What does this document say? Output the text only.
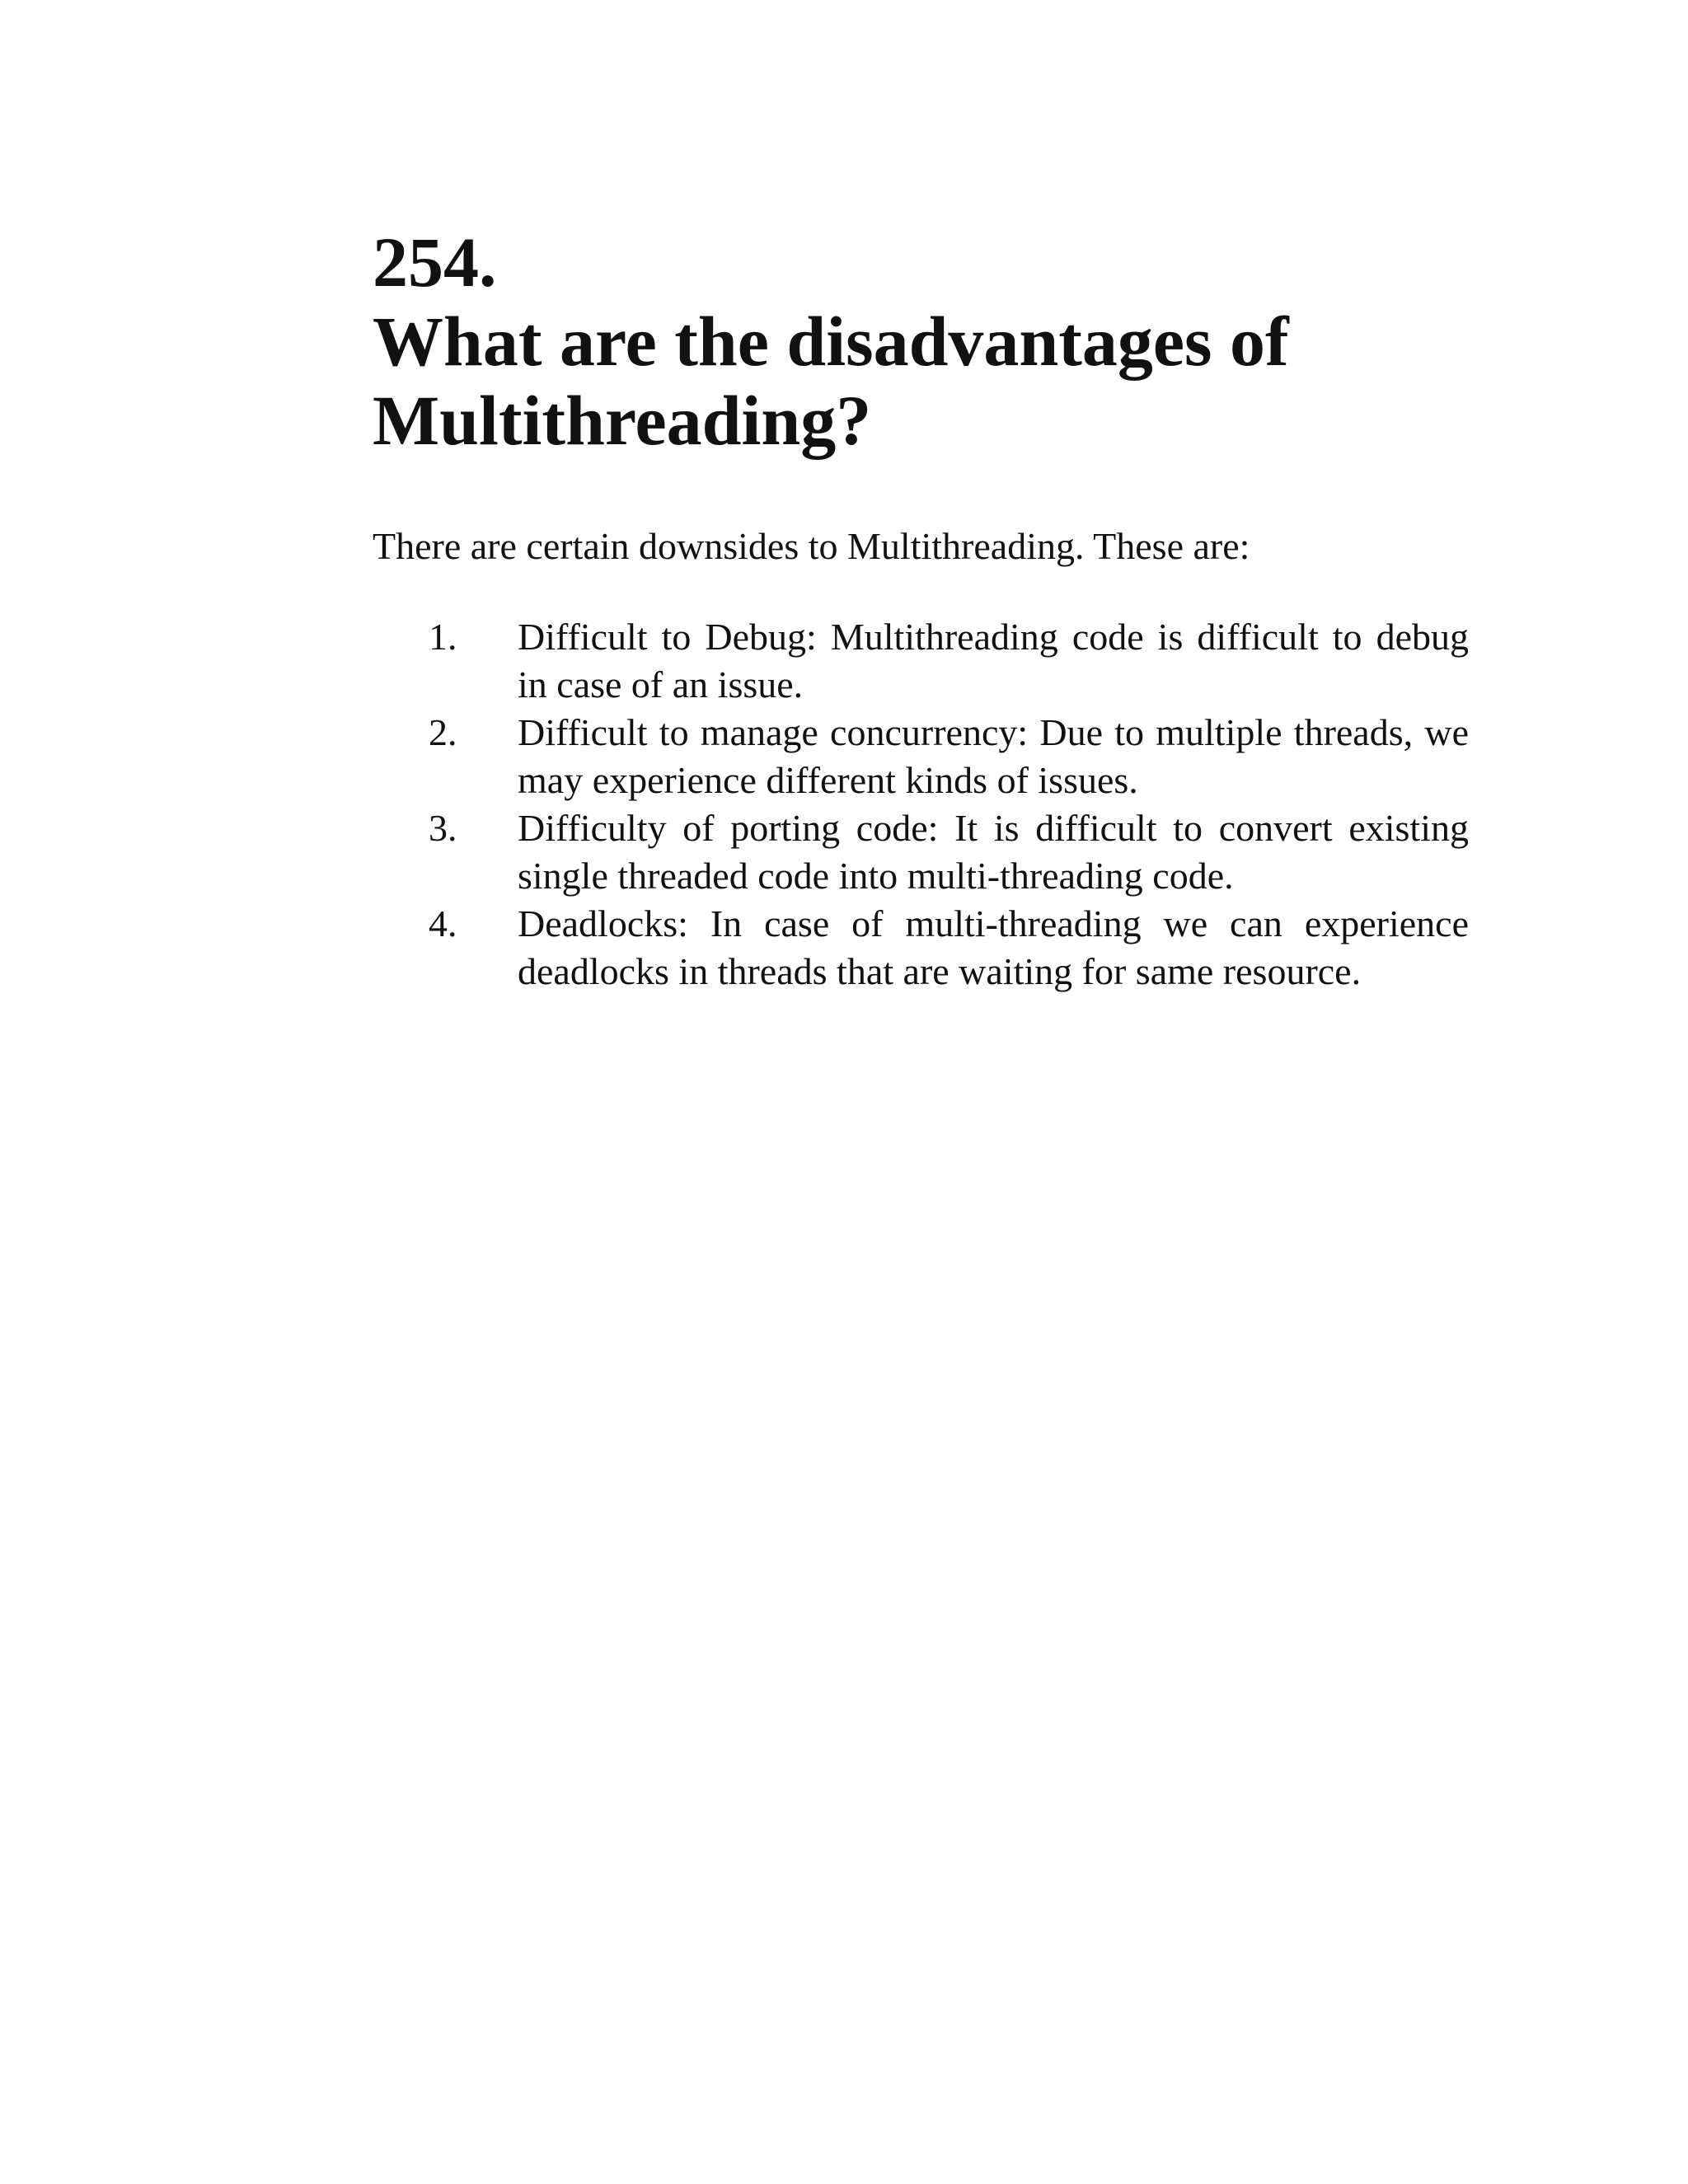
254.
What are the disadvantages of
Multithreading?

There are certain downsides to Multithreading. These are:

1.	Difficult to Debug: Multithreading code is difficult to debug in case of an issue.
2.	Difficult to manage concurrency: Due to multiple threads, we may experience different kinds of issues.
3.	Difficulty of porting code: It is difficult to convert existing single threaded code into multi-threading code.
4.	Deadlocks: In case of multi-threading we can experience deadlocks in threads that are waiting for same resource.
